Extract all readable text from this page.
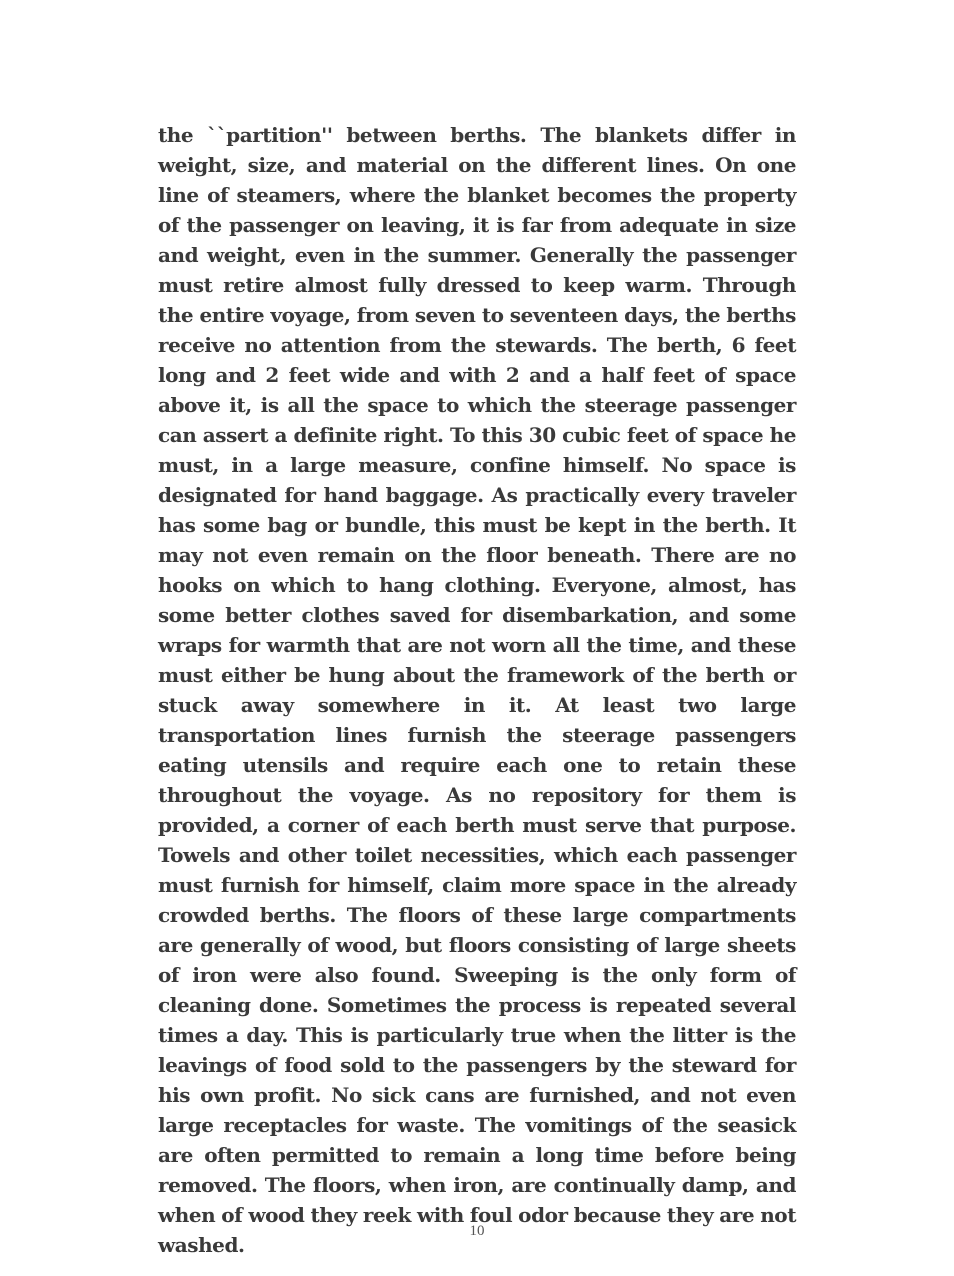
the ``partition'' between berths. The blankets differ in weight, size, and material on the different lines. On one line of steamers, where the blanket becomes the property of the passenger on leaving, it is far from adequate in size and weight, even in the summer. Generally the passenger must retire almost fully dressed to keep warm. Through the entire voyage, from seven to seventeen days, the berths receive no attention from the stewards. The berth, 6 feet long and 2 feet wide and with 2 and a half feet of space above it, is all the space to which the steerage passenger can assert a definite right. To this 30 cubic feet of space he must, in a large measure, confine himself. No space is designated for hand baggage. As practically every traveler has some bag or bundle, this must be kept in the berth. It may not even remain on the floor beneath. There are no hooks on which to hang clothing. Everyone, almost, has some better clothes saved for disembarkation, and some wraps for warmth that are not worn all the time, and these must either be hung about the framework of the berth or stuck away somewhere in it. At least two large transportation lines furnish the steerage passengers eating utensils and require each one to retain these throughout the voyage. As no repository for them is provided, a corner of each berth must serve that purpose. Towels and other toilet necessities, which each passenger must furnish for himself, claim more space in the already crowded berths. The floors of these large compartments are generally of wood, but floors consisting of large sheets of iron were also found. Sweeping is the only form of cleaning done. Sometimes the process is repeated several times a day. This is particularly true when the litter is the leavings of food sold to the passengers by the steward for his own profit. No sick cans are furnished, and not even large receptacles for waste. The vomitings of the seasick are often permitted to remain a long time before being removed. The floors, when iron, are continually damp, and when of wood they reek with foul odor because they are not washed.

10
